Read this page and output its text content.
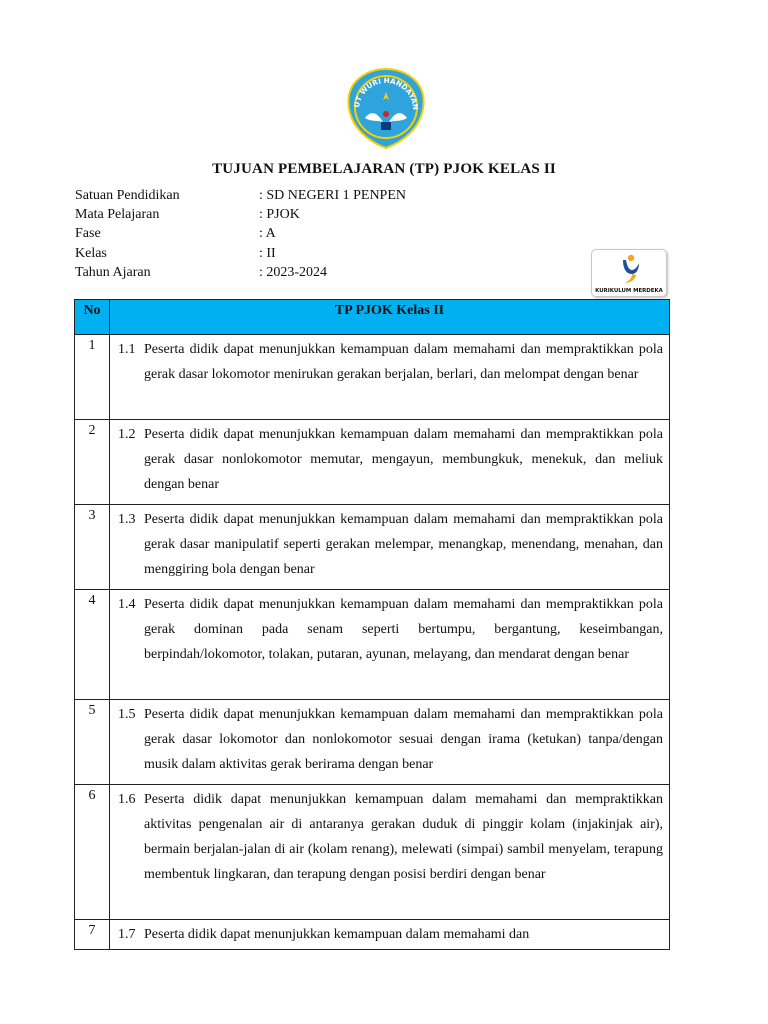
UT WURI HANDAYAN
TUJUAN PEMBELAJARAN (TP) PJOK KELAS II
Satuan Pendidikan	: SD NEGERI 1 PENPEN
Mata Pelajaran	: PJOK
Fase	: A
Kelas	: II
Tahun Ajaran	: 2023-2024
KURIKULUM MERDEKA
No	TP PJOK Kelas II
1	1.1 Peserta didik dapat menunjukkan kemampuan dalam memahami dan mempraktikkan pola gerak dasar lokomotor menirukan gerakan berjalan, berlari, dan melompat dengan benar

2	1.2 Peserta didik dapat menunjukkan kemampuan dalam memahami dan mempraktikkan pola gerak dasar nonlokomotor memutar, mengayun, membungkuk, menekuk, dan meliuk dengan benar

3	1.3 Peserta didik dapat menunjukkan kemampuan dalam memahami dan mempraktikkan pola gerak dasar manipulatif seperti gerakan melempar, menangkap, menendang, menahan, dan menggiring bola dengan benar

4	1.4 Peserta didik dapat menunjukkan kemampuan dalam memahami dan mempraktikkan pola gerak dominan pada senam seperti bertumpu, bergantung, keseimbangan, berpindah/lokomotor, tolakan, putaran, ayunan, melayang, dan mendarat dengan benar

5	1.5 Peserta didik dapat menunjukkan kemampuan dalam memahami dan mempraktikkan pola gerak dasar lokomotor dan nonlokomotor sesuai dengan irama (ketukan) tanpa/dengan musik dalam aktivitas gerak berirama dengan benar

6	1.6 Peserta didik dapat menunjukkan kemampuan dalam memahami dan mempraktikkan aktivitas pengenalan air di antaranya gerakan duduk di pinggir kolam (injakinjak air), bermain berjalan-jalan di air (kolam renang), melewati (simpai) sambil menyelam, terapung membentuk lingkaran, dan terapung dengan posisi berdiri dengan benar

7	1.7 Peserta didik dapat menunjukkan kemampuan dalam memahami dan
